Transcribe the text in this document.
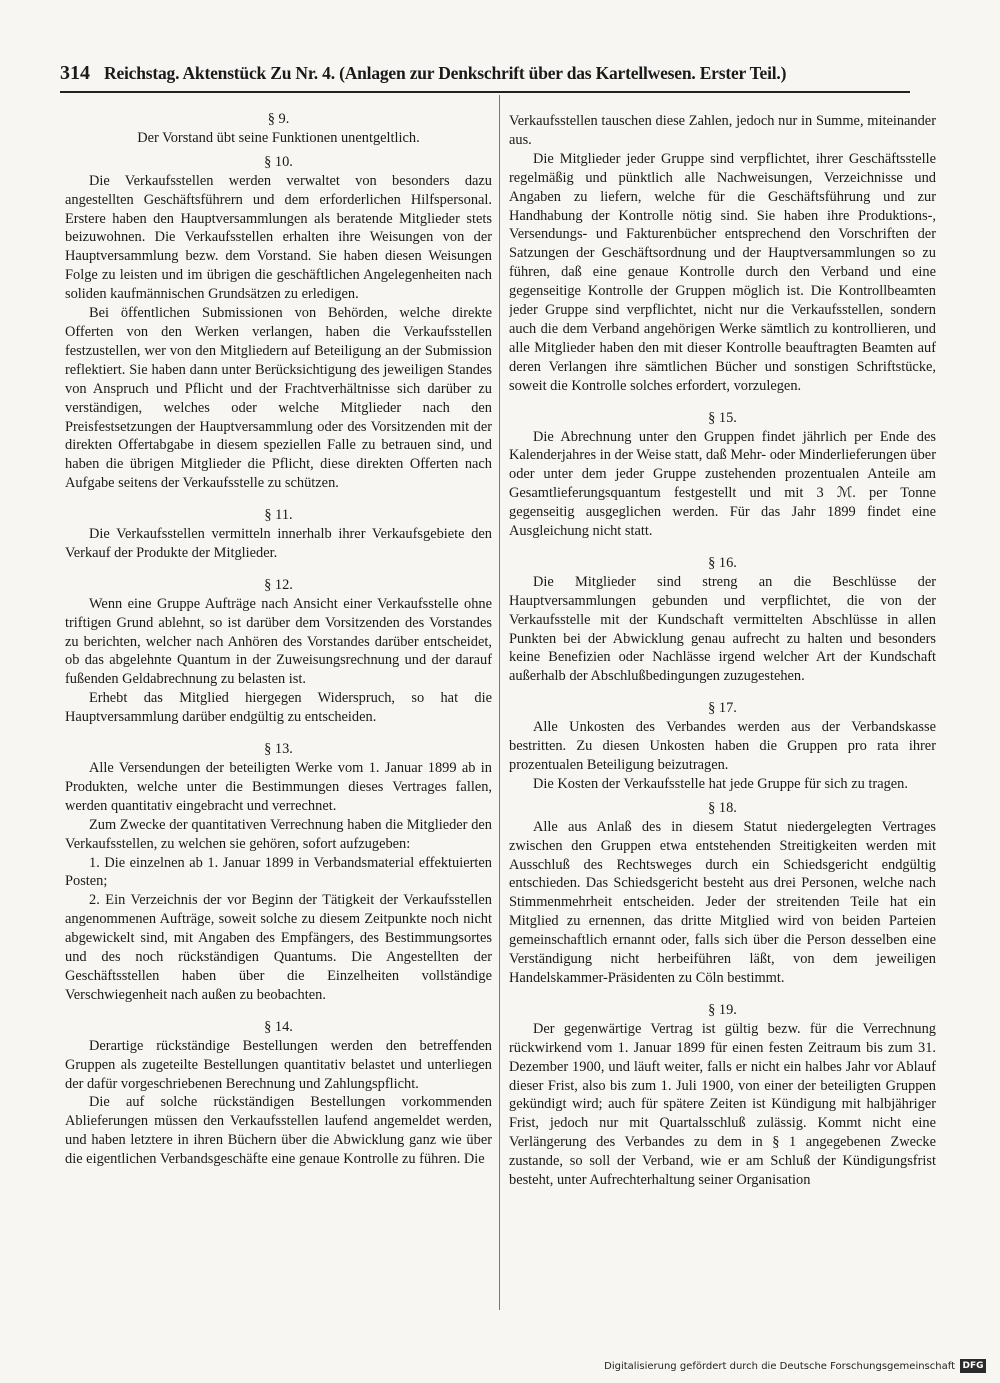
314 Reichstag. Aktenstück Zu Nr. 4. (Anlagen zur Denkschrift über das Kartellwesen. Erster Teil.)
§ 9.

Der Vorstand übt seine Funktionen unentgeltlich.

§ 10.

Die Verkaufsstellen werden verwaltet von besonders dazu angestellten Geschäftsführern und dem erforderlichen Hilfspersonal. Erstere haben den Hauptversammlungen als beratende Mitglieder stets beizuwohnen. Die Verkaufsstellen erhalten ihre Weisungen von der Hauptversammlung bezw. dem Vorstand. Sie haben diesen Weisungen Folge zu leisten und im übrigen die geschäftlichen Angelegenheiten nach soliden kaufmännischen Grundsätzen zu erledigen.

Bei öffentlichen Submissionen von Behörden, welche direkte Offerten von den Werken verlangen, haben die Verkaufsstellen festzustellen, wer von den Mitgliedern auf Beteiligung an der Submission reflektiert. Sie haben dann unter Berücksichtigung des jeweiligen Standes von Anspruch und Pflicht und der Frachtverhältnisse sich darüber zu verständigen, welches oder welche Mitglieder nach den Preisfestsetzungen der Hauptversammlung oder des Vorsitzenden mit der direkten Offertabgabe in diesem speziellen Falle zu betrauen sind, und haben die übrigen Mitglieder die Pflicht, diese direkten Offerten nach Aufgabe seitens der Verkaufsstelle zu schützen.

§ 11.

Die Verkaufsstellen vermitteln innerhalb ihrer Verkaufsgebiete den Verkauf der Produkte der Mitglieder.

§ 12.

Wenn eine Gruppe Aufträge nach Ansicht einer Verkaufsstelle ohne triftigen Grund ablehnt, so ist darüber dem Vorsitzenden des Vorstandes zu berichten, welcher nach Anhören des Vorstandes darüber entscheidet, ob das abgelehnte Quantum in der Zuweisungsrechnung und der darauf fußenden Geldabrechnung zu belasten ist.

Erhebt das Mitglied hiergegen Widerspruch, so hat die Hauptversammlung darüber endgültig zu entscheiden.

§ 13.

Alle Versendungen der beteiligten Werke vom 1. Januar 1899 ab in Produkten, welche unter die Bestimmungen dieses Vertrages fallen, werden quantitativ eingebracht und verrechnet.

Zum Zwecke der quantitativen Verrechnung haben die Mitglieder den Verkaufsstellen, zu welchen sie gehören, sofort aufzugeben:

1. Die einzelnen ab 1. Januar 1899 in Verbandsmaterial effektuierten Posten;

2. Ein Verzeichnis der vor Beginn der Tätigkeit der Verkaufsstellen angenommenen Aufträge, soweit solche zu diesem Zeitpunkte noch nicht abgewickelt sind, mit Angaben des Empfängers, des Bestimmungsortes und des noch rückständigen Quantums. Die Angestellten der Geschäftsstellen haben über die Einzelheiten vollständige Verschwiegenheit nach außen zu beobachten.

§ 14.

Derartige rückständige Bestellungen werden den betreffenden Gruppen als zugeteilte Bestellungen quantitativ belastet und unterliegen der dafür vorgeschriebenen Berechnung und Zahlungspflicht.

Die auf solche rückständigen Bestellungen vorkommenden Ablieferungen müssen den Verkaufsstellen laufend angemeldet werden, und haben letztere in ihren Büchern über die Abwicklung ganz wie über die eigentlichen Verbandsgeschäfte eine genaue Kontrolle zu führen. Die

Verkaufsstellen tauschen diese Zahlen, jedoch nur in Summe, miteinander aus.

Die Mitglieder jeder Gruppe sind verpflichtet, ihrer Geschäftsstelle regelmäßig und pünktlich alle Nachweisungen, Verzeichnisse und Angaben zu liefern, welche für die Geschäftsführung und zur Handhabung der Kontrolle nötig sind. Sie haben ihre Produktions-, Versendungs- und Fakturenbücher entsprechend den Vorschriften der Satzungen der Geschäftsordnung und der Hauptversammlungen so zu führen, daß eine genaue Kontrolle durch den Verband und eine gegenseitige Kontrolle der Gruppen möglich ist. Die Kontrollbeamten jeder Gruppe sind verpflichtet, nicht nur die Verkaufsstellen, sondern auch die dem Verband angehörigen Werke sämtlich zu kontrollieren, und alle Mitglieder haben den mit dieser Kontrolle beauftragten Beamten auf deren Verlangen ihre sämtlichen Bücher und sonstigen Schriftstücke, soweit die Kontrolle solches erfordert, vorzulegen.

§ 15.

Die Abrechnung unter den Gruppen findet jährlich per Ende des Kalenderjahres in der Weise statt, daß Mehr- oder Minderlieferungen über oder unter dem jeder Gruppe zustehenden prozentualen Anteile am Gesamtlieferungsquantum festgestellt und mit 3 ℳ. per Tonne gegenseitig ausgeglichen werden. Für das Jahr 1899 findet eine Ausgleichung nicht statt.

§ 16.

Die Mitglieder sind streng an die Beschlüsse der Hauptversammlungen gebunden und verpflichtet, die von der Verkaufsstelle mit der Kundschaft vermittelten Abschlüsse in allen Punkten bei der Abwicklung genau aufrecht zu halten und besonders keine Benefizien oder Nachlässe irgend welcher Art der Kundschaft außerhalb der Abschlußbedingungen zuzugestehen.

§ 17.

Alle Unkosten des Verbandes werden aus der Verbandskasse bestritten. Zu diesen Unkosten haben die Gruppen pro rata ihrer prozentualen Beteiligung beizutragen.

Die Kosten der Verkaufsstelle hat jede Gruppe für sich zu tragen.

§ 18.

Alle aus Anlaß des in diesem Statut niedergelegten Vertrages zwischen den Gruppen etwa entstehenden Streitigkeiten werden mit Ausschluß des Rechtsweges durch ein Schiedsgericht endgültig entschieden. Das Schiedsgericht besteht aus drei Personen, welche nach Stimmenmehrheit entscheiden. Jeder der streitenden Teile hat ein Mitglied zu ernennen, das dritte Mitglied wird von beiden Parteien gemeinschaftlich ernannt oder, falls sich über die Person desselben eine Verständigung nicht herbeiführen läßt, von dem jeweiligen Handelskammer-Präsidenten zu Cöln bestimmt.

§ 19.

Der gegenwärtige Vertrag ist gültig bezw. für die Verrechnung rückwirkend vom 1. Januar 1899 für einen festen Zeitraum bis zum 31. Dezember 1900, und läuft weiter, falls er nicht ein halbes Jahr vor Ablauf dieser Frist, also bis zum 1. Juli 1900, von einer der beteiligten Gruppen gekündigt wird; auch für spätere Zeiten ist Kündigung mit halbjähriger Frist, jedoch nur mit Quartalsschluß zulässig. Kommt nicht eine Verlängerung des Verbandes zu dem in § 1 angegebenen Zwecke zustande, so soll der Verband, wie er am Schluß der Kündigungsfrist besteht, unter Aufrechterhaltung seiner Organisation

Digitalisierung gefördert durch die Deutsche Forschungsgemeinschaft DFG
